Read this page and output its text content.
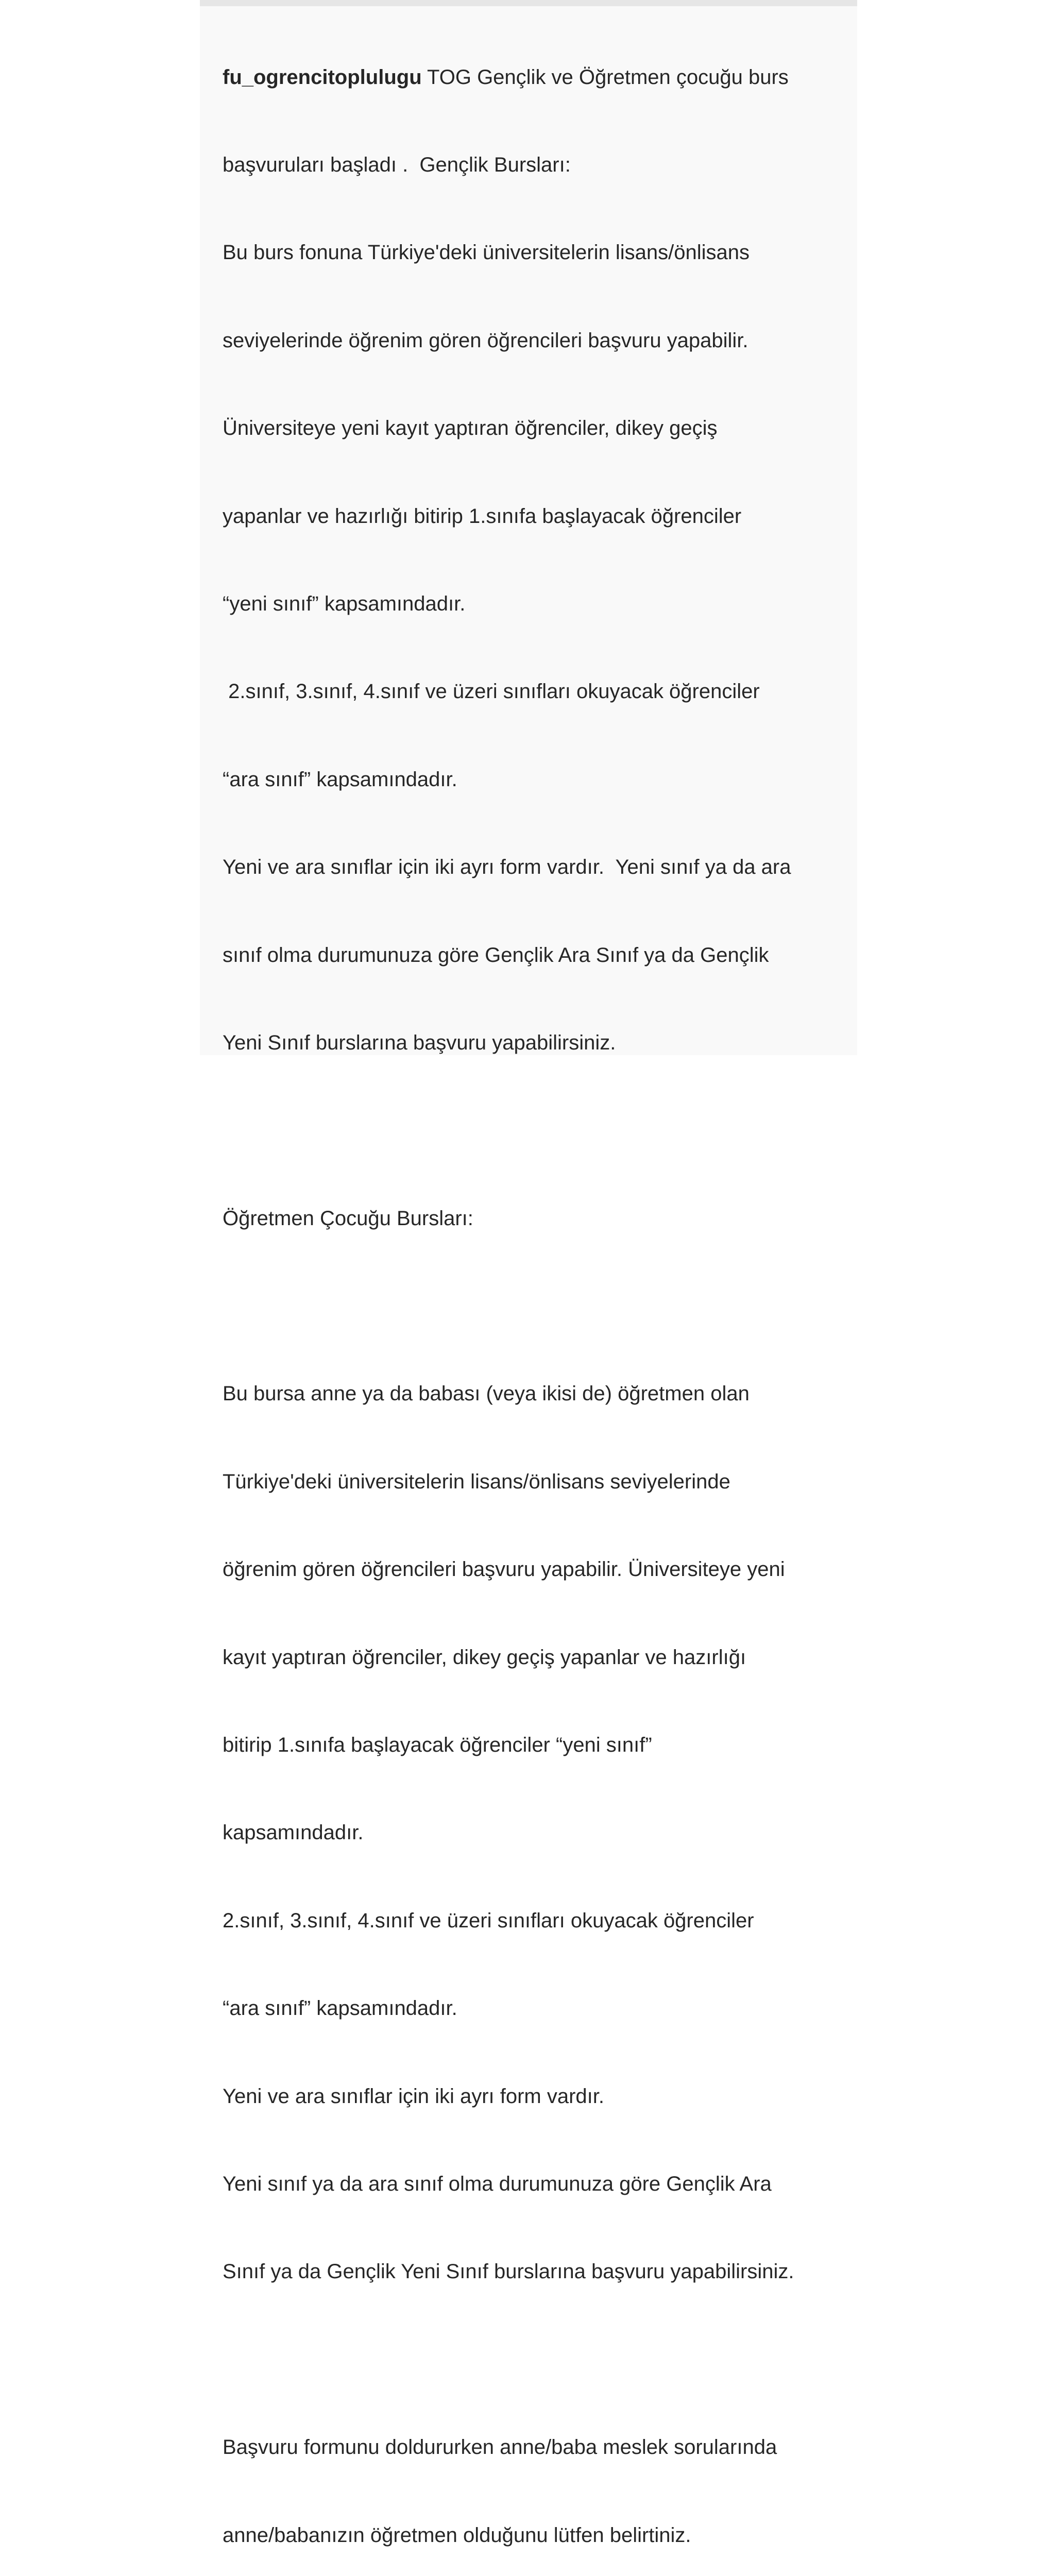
fu_ogrencitoplulugu TOG Gençlik ve Öğretmen çocuğu burs

başvuruları başladı .  Gençlik Bursları:

Bu burs fonuna Türkiye'deki üniversitelerin lisans/önlisans

seviyelerinde öğrenim gören öğrencileri başvuru yapabilir.

Üniversiteye yeni kayıt yaptıran öğrenciler, dikey geçiş

yapanlar ve hazırlığı bitirip 1.sınıfa başlayacak öğrenciler

“yeni sınıf” kapsamındadır.

2.sınıf, 3.sınıf, 4.sınıf ve üzeri sınıfları okuyacak öğrenciler

“ara sınıf” kapsamındadır.

Yeni ve ara sınıflar için iki ayrı form vardır.  Yeni sınıf ya da ara

sınıf olma durumunuza göre Gençlik Ara Sınıf ya da Gençlik

Yeni Sınıf burslarına başvuru yapabilirsiniz.

Öğretmen Çocuğu Bursları:

Bu bursa anne ya da babası (veya ikisi de) öğretmen olan

Türkiye'deki üniversitelerin lisans/önlisans seviyelerinde

öğrenim gören öğrencileri başvuru yapabilir. Üniversiteye yeni

kayıt yaptıran öğrenciler, dikey geçiş yapanlar ve hazırlığı

bitirip 1.sınıfa başlayacak öğrenciler “yeni sınıf”

kapsamındadır.

2.sınıf, 3.sınıf, 4.sınıf ve üzeri sınıfları okuyacak öğrenciler

“ara sınıf” kapsamındadır.

Yeni ve ara sınıflar için iki ayrı form vardır.

Yeni sınıf ya da ara sınıf olma durumunuza göre Gençlik Ara

Sınıf ya da Gençlik Yeni Sınıf burslarına başvuru yapabilirsiniz.

Başvuru formunu doldururken anne/baba meslek sorularında

anne/babanızın öğretmen olduğunu lütfen belirtiniz.
